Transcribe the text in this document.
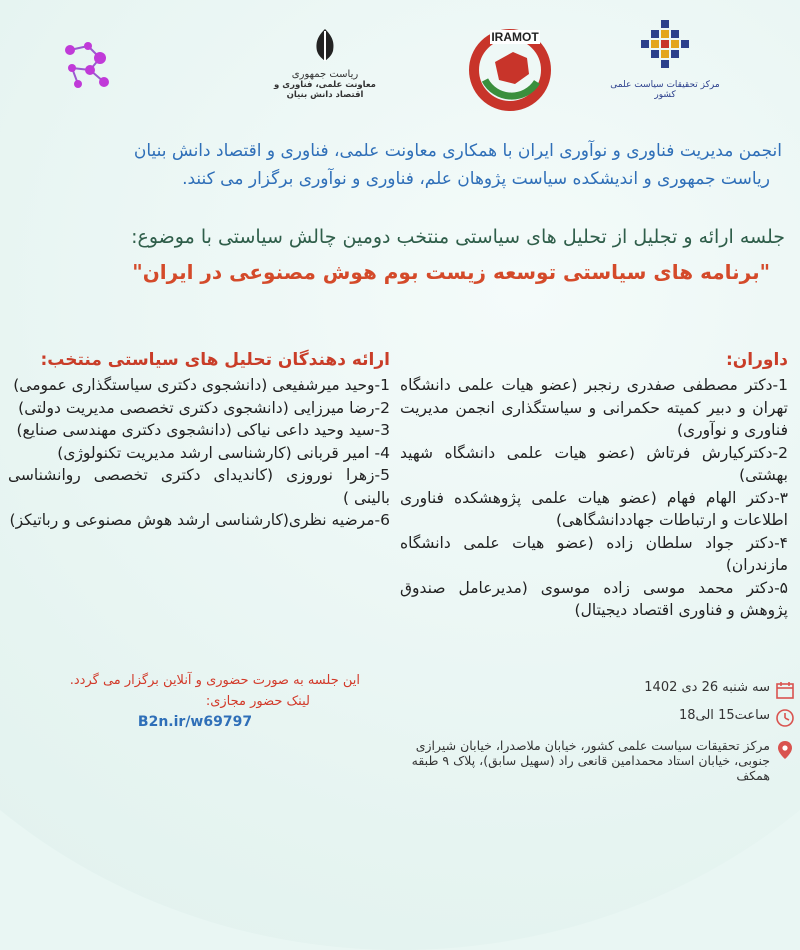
مرکز تحقیقات سیاست علمی کشور
IRAMOT
ریاست جمهوری
معاونت علمی، فناوری و اقتصاد دانش بنیان
انجمن مدیریت فناوری و نوآوری ایران با همکاری معاونت علمی، فناوری و اقتصاد دانش بنیان
ریاست جمهوری و اندیشکده سیاست پژوهان علم، فناوری و نوآوری برگزار می کنند.
جلسه ارائه و تجلیل از تحلیل های سیاستی منتخب دومین چالش سیاستی با موضوع:
"برنامه های سیاستی توسعه زیست بوم هوش مصنوعی در ایران"
داوران:
1-دکتر مصطفی صفدری رنجبر (عضو هیات علمی دانشگاه تهران و دبیر کمیته حکمرانی و سیاستگذاری انجمن مدیریت فناوری و نوآوری)
2-دکترکیارش فرتاش (عضو هیات علمی دانشگاه شهید بهشتی)
۳-دکتر الهام فهام (عضو هیات علمی پژوهشکده فناوری اطلاعات و ارتباطات جهاددانشگاهی)
۴-دکتر جواد سلطان زاده (عضو هیات علمی دانشگاه مازندران)
۵-دکتر محمد موسی زاده موسوی (مدیرعامل صندوق پژوهش و فناوری اقتصاد دیجیتال)
ارائه دهندگان تحلیل های سیاستی منتخب:
1-وحید میرشفیعی (دانشجوی دکتری سیاستگذاری عمومی)
2-رضا میرزایی (دانشجوی دکتری تخصصی مدیریت دولتی)
3-سید وحید داعی نیاکی (دانشجوی دکتری مهندسی صنایع)
4- امیر قربانی (کارشناسی ارشد مدیریت تکنولوژی)
5-زهرا نوروزی (کاندیدای دکتری تخصصی روانشناسی بالینی )
6-مرضیه نظری(کارشناسی ارشد هوش مصنوعی و رباتیکز)
این جلسه به صورت حضوری و آنلاین برگزار می گردد.
لینک حضور مجازی:
B2n.ir/w69797
سه شنبه 26 دی 1402
ساعت15 الی18
مرکز تحقیقات سیاست علمی کشور، خیابان ملاصدرا، خیابان شیرازی جنوبی، خیابان استاد محمدامین قانعی راد (سهیل سابق)، پلاک ۹ طبقه همکف
